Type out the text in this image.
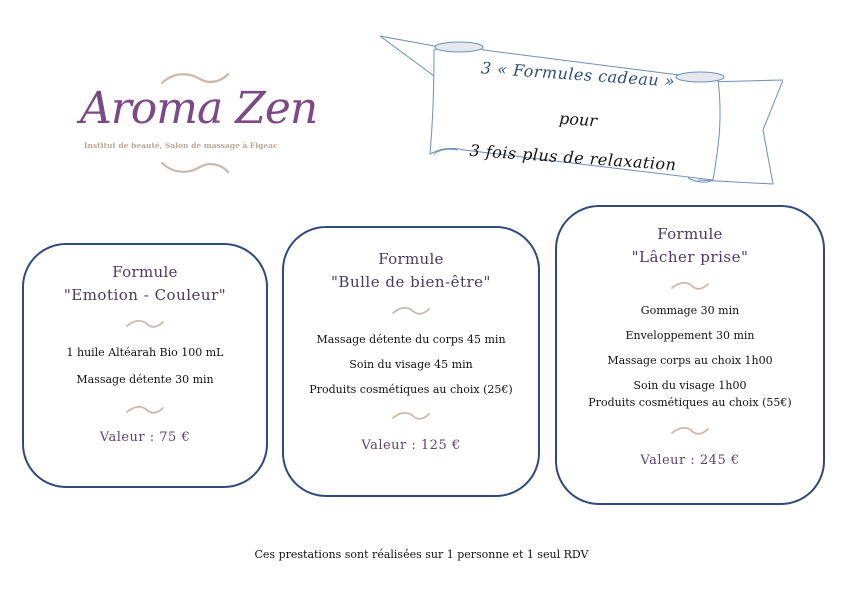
Aroma Zen
Institut de beauté, Salon de massage à Figeac
3 « Formules cadeau »
pour
3 fois plus de relaxation
Formule
"Emotion - Couleur"
1 huile Altéarah Bio 100 mL
Massage détente 30 min
Valeur : 75 €
Formule
"Bulle de bien-être"
Massage détente du corps 45 min
Soin du visage 45 min
Produits cosmétiques au choix (25€)
Valeur : 125 €
Formule
"Lâcher prise"
Gommage 30 min
Enveloppement 30 min
Massage corps au choix 1h00
Soin du visage 1h00
Produits cosmétiques au choix (55€)
Valeur : 245 €
Ces prestations sont réalisées sur 1 personne et 1 seul RDV
